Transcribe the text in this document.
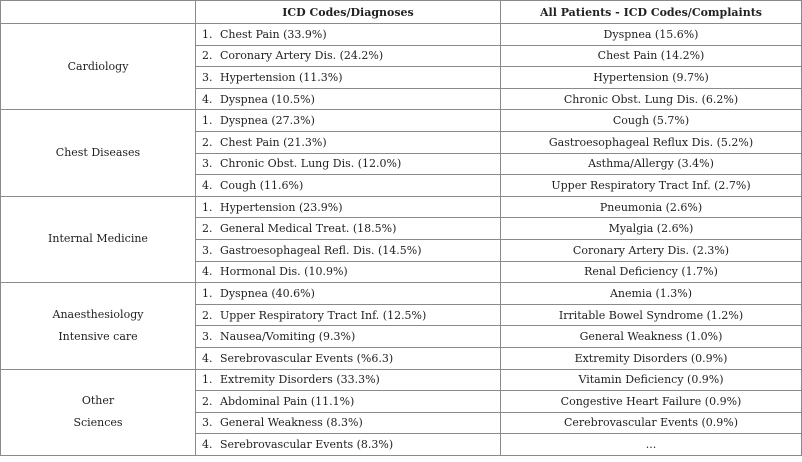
	ICD Codes/Diagnoses	All Patients - ICD Codes/Complaints

Cardiology	1. Chest Pain (33.9%)	Dyspnea (15.6%)
	2. Coronary Artery Dis. (24.2%)	Chest Pain (14.2%)
	3. Hypertension (11.3%)	Hypertension (9.7%)
	4. Dyspnea (10.5%)	Chronic Obst. Lung Dis. (6.2%)

Chest Diseases	1. Dyspnea (27.3%)	Cough (5.7%)
	2. Chest Pain (21.3%)	Gastroesophageal Reflux Dis. (5.2%)
	3. Chronic Obst. Lung Dis. (12.0%)	Asthma/Allergy (3.4%)
	4. Cough (11.6%)	Upper Respiratory Tract Inf. (2.7%)

Internal Medicine	1. Hypertension (23.9%)	Pneumonia (2.6%)
	2. General Medical Treat. (18.5%)	Myalgia (2.6%)
	3. Gastroesophageal Refl. Dis. (14.5%)	Coronary Artery Dis. (2.3%)
	4. Hormonal Dis. (10.9%)	Renal Deficiency (1.7%)

Anaesthesiology
Intensive care	1. Dyspnea (40.6%)	Anemia (1.3%)
	2. Upper Respiratory Tract Inf. (12.5%)	Irritable Bowel Syndrome (1.2%)
	3. Nausea/Vomiting (9.3%)	General Weakness (1.0%)
	4. Serebrovascular Events (%6.3)	Extremity Disorders (0.9%)

Other
Sciences	1. Extremity Disorders (33.3%)	Vitamin Deficiency (0.9%)
	2. Abdominal Pain (11.1%)	Congestive Heart Failure (0.9%)
	3. General Weakness (8.3%)	Cerebrovascular Events (0.9%)
	4. Serebrovascular Events (8.3%)	...
